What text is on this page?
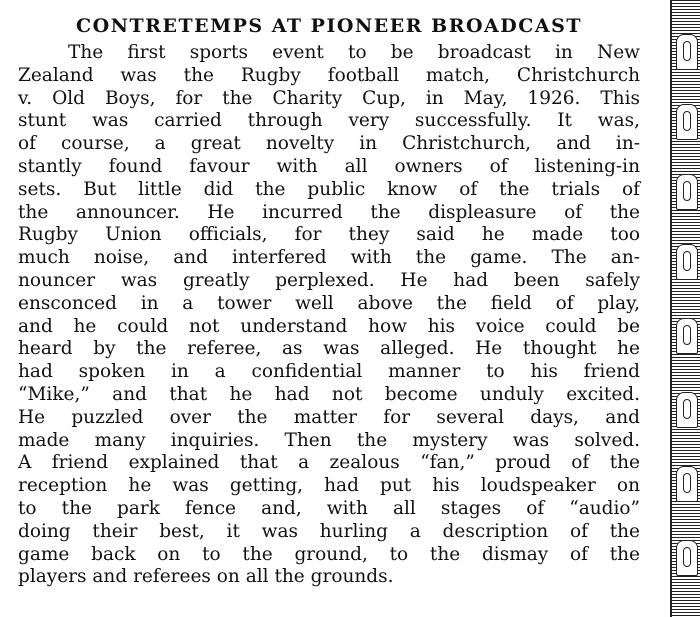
CONTRETEMPS AT PIONEER BROADCAST
The first sports event to be broadcast in New
Zealand was the Rugby football match, Christchurch
v. Old Boys, for the Charity Cup, in May, 1926. This
stunt was carried through very successfully. It was,
of course, a great novelty in Christchurch, and in-
stantly found favour with all owners of listening-in
sets. But little did the public know of the trials of
the announcer. He incurred the displeasure of the
Rugby Union officials, for they said he made too
much noise, and interfered with the game. The an-
nouncer was greatly perplexed. He had been safely
ensconced in a tower well above the field of play,
and he could not understand how his voice could be
heard by the referee, as was alleged. He thought he
had spoken in a confidential manner to his friend
“Mike,” and that he had not become unduly excited.
He puzzled over the matter for several days, and
made many inquiries. Then the mystery was solved.
A friend explained that a zealous “fan,” proud of the
reception he was getting, had put his loudspeaker on
to the park fence and, with all stages of “audio”
doing their best, it was hurling a description of the
game back on to the ground, to the dismay of the
players and referees on all the grounds.
